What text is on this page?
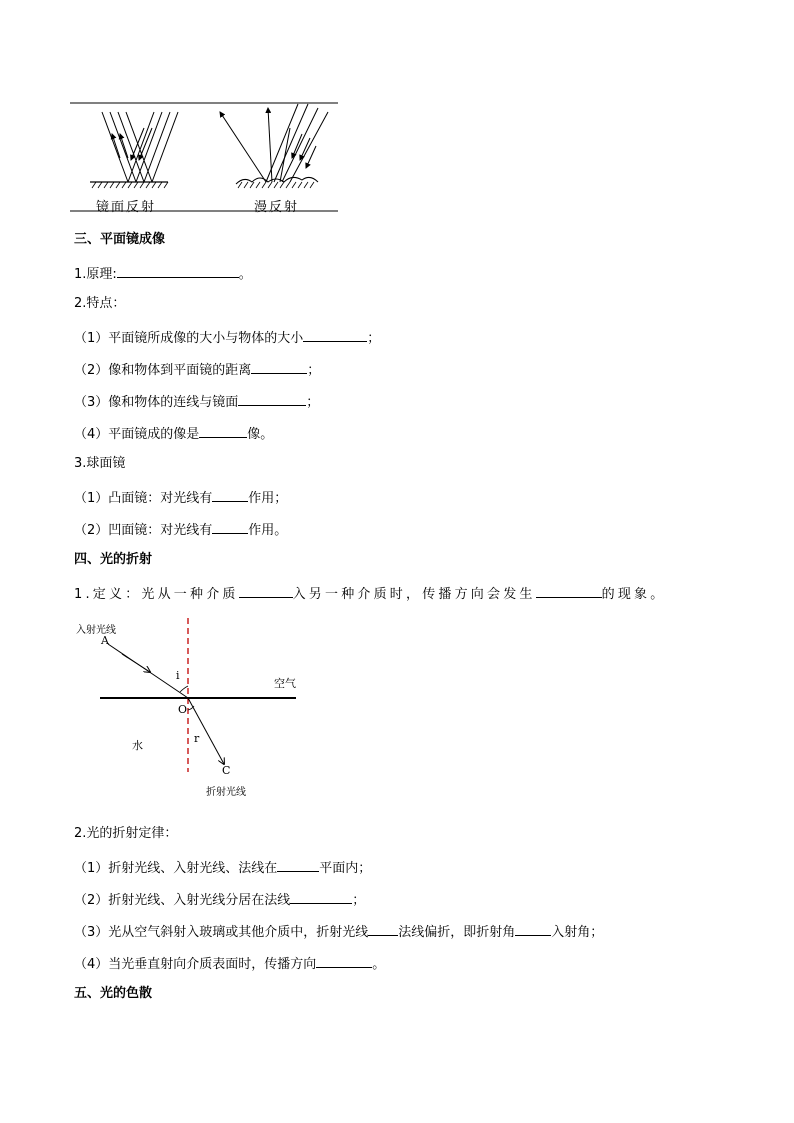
镜面反射	漫反射
三、平面镜成像
1.原理:	。
2.特点：
（1）平面镜所成像的大小与物体的大小	；
（2）像和物体到平面镜的距离	；
（3）像和物体的连线与镜面	；
（4）平面镜成的像是	像。
3.球面镜
（1）凸面镜：对光线有	作用；
（2）凹面镜：对光线有	作用。
四、光的折射
1.定义：光从一种介质	入另一种介质时，传播方向会发生	的现象。
入射光线
A
i
空气
O
水
r
C
折射光线
2.光的折射定律：
（1）折射光线、入射光线、法线在	平面内；
（2）折射光线、入射光线分居在法线	；
（3）光从空气斜射入玻璃或其他介质中，折射光线 法线偏折，即折射角	入射角；
（4）当光垂直射向介质表面时，传播方向	。
五、光的色散
